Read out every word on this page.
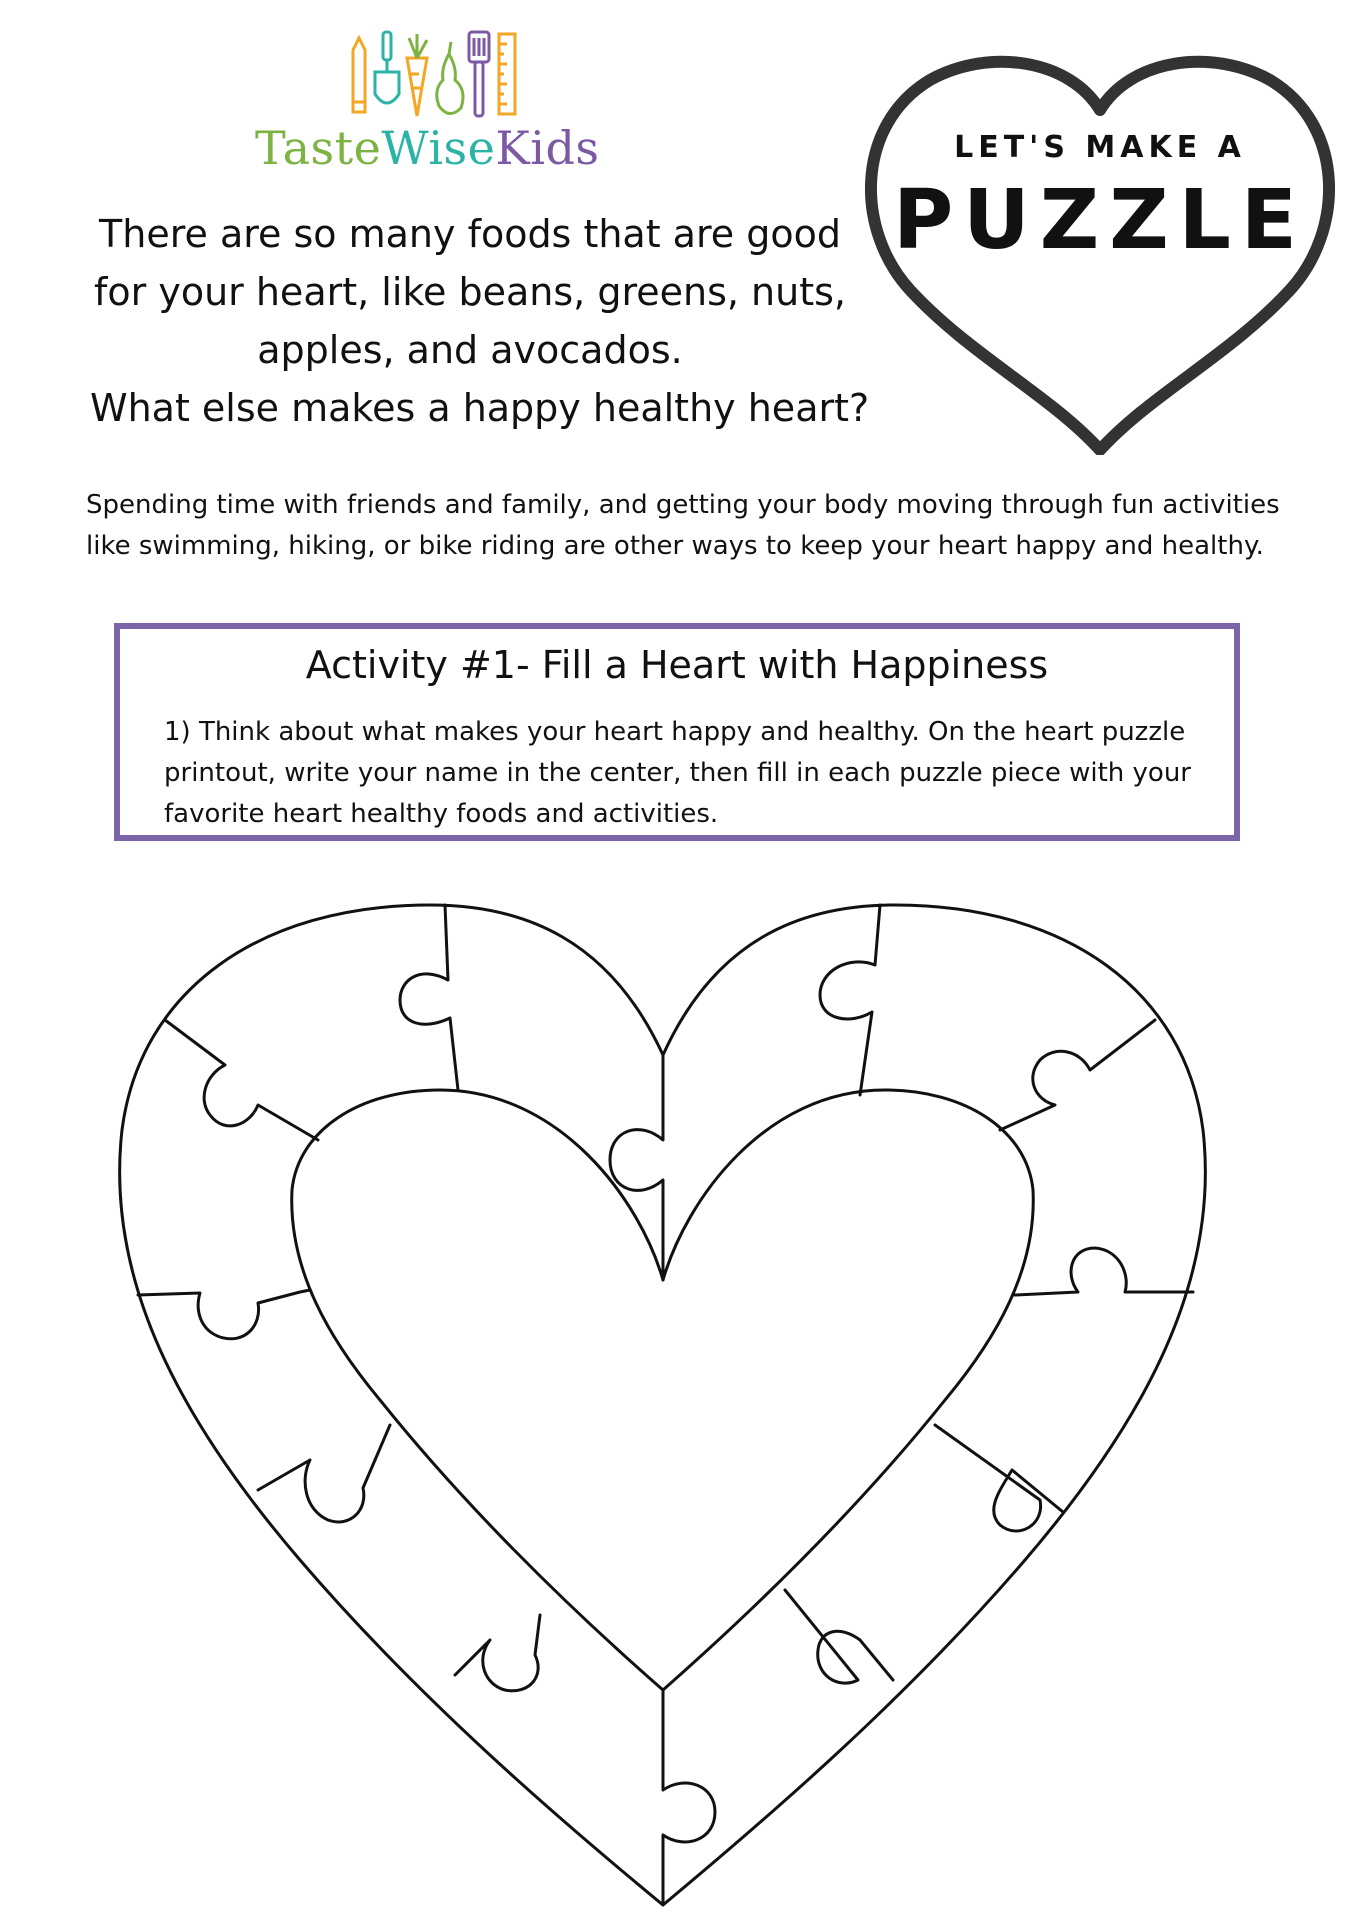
TasteWiseKids
There are so many foods that are good
for your heart, like beans, greens, nuts,
apples, and avocados.
What else makes a happy healthy heart?
LET'S MAKE A
PUZZLE
Spending time with friends and family, and getting your body moving through fun activities like swimming, hiking, or bike riding are other ways to keep your heart happy and healthy.
Activity #1- Fill a Heart with Happiness
1) Think about what makes your heart happy and healthy. On the heart puzzle printout, write your name in the center, then fill in each puzzle piece with your favorite heart healthy foods and activities.
